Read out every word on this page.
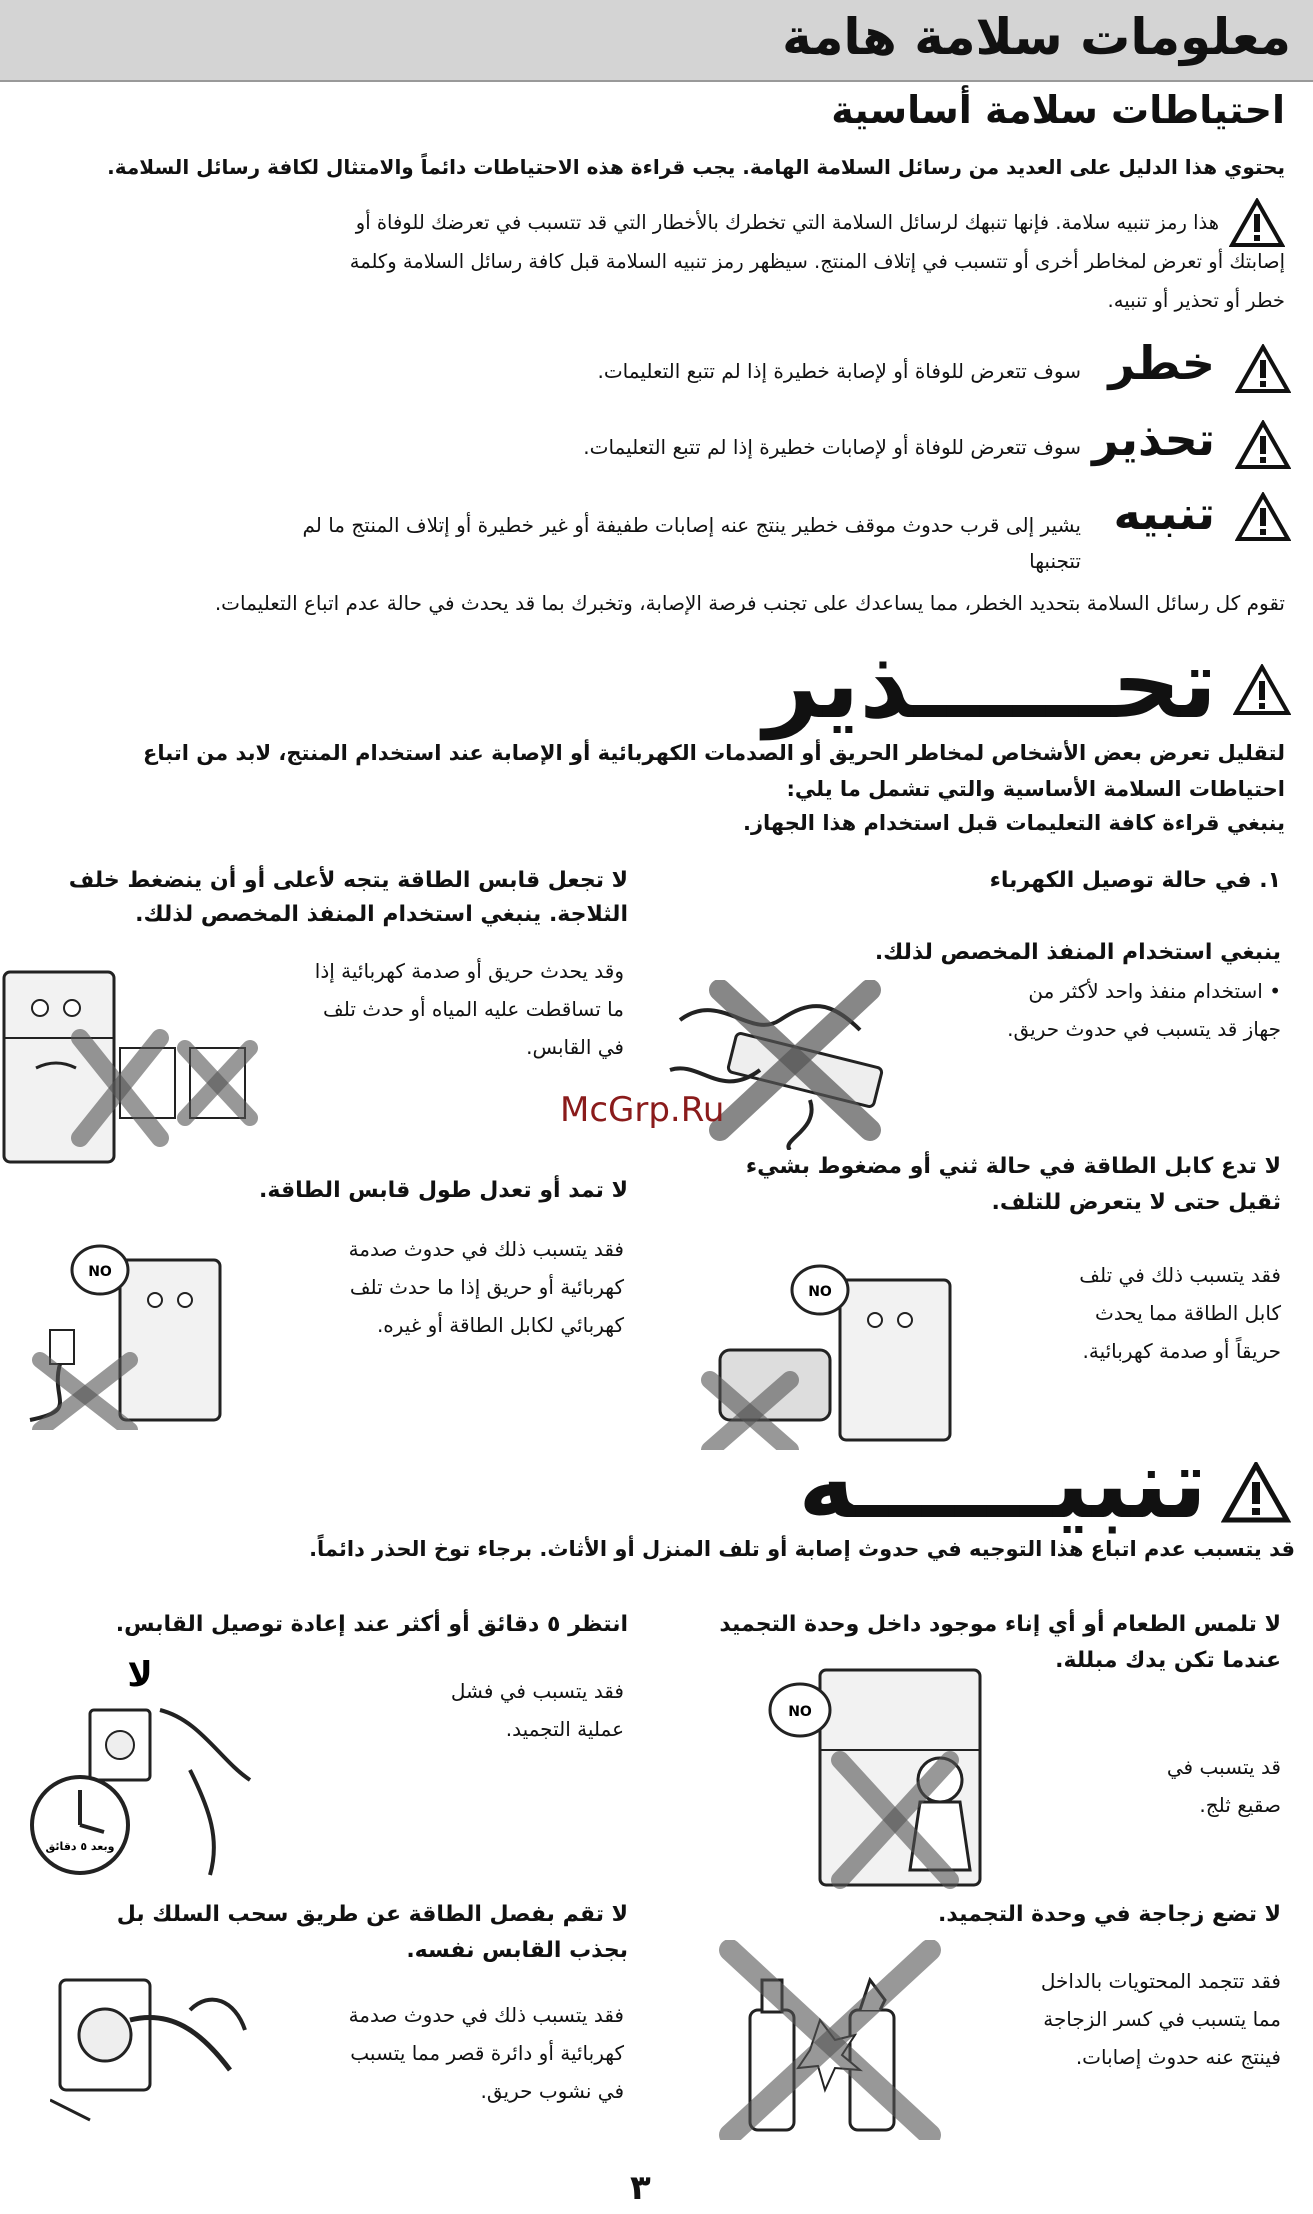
معلومات سلامة هامة
احتياطات سلامة أساسية
يحتوي هذا الدليل على العديد من رسائل السلامة الهامة. يجب قراءة هذه الاحتياطات دائماً والامتثال لكافة رسائل السلامة.
هذا رمز تنبيه سلامة. فإنها تنبهك لرسائل السلامة التي تخطرك بالأخطار التي قد تتسبب في تعرضك للوفاة أو
إصابتك أو تعرض لمخاطر أخرى أو تتسبب في إتلاف المنتج. سيظهر رمز تنبيه السلامة قبل كافة رسائل السلامة وكلمة
خطر أو تحذير أو تنبيه.
خطر
سوف تتعرض للوفاة أو لإصابة خطيرة إذا لم تتبع التعليمات.
تحذير
سوف تتعرض للوفاة أو لإصابات خطيرة إذا لم تتبع التعليمات.
تنبيه
يشير إلى قرب حدوث موقف خطير ينتج عنه إصابات طفيفة أو غير خطيرة أو إتلاف المنتج ما لم
تتجنبها
تقوم كل رسائل السلامة بتحديد الخطر، مما يساعدك على تجنب فرصة الإصابة، وتخبرك بما قد يحدث في حالة عدم اتباع التعليمات.
تحــــــذير
لتقليل تعرض بعض الأشخاص لمخاطر الحريق أو الصدمات الكهربائية أو الإصابة عند استخدام المنتج، لابد من اتباع
احتياطات السلامة الأساسية والتي تشمل ما يلي:
ينبغي قراءة كافة التعليمات قبل استخدام هذا الجهاز.
١. في حالة توصيل الكهرباء
ينبغي استخدام المنفذ المخصص لذلك.
• استخدام منفذ واحد لأكثر من
جهاز قد يتسبب في حدوث حريق.
لا تجعل قابس الطاقة يتجه لأعلى أو أن ينضغط خلف
الثلاجة. ينبغي استخدام المنفذ المخصص لذلك.
وقد يحدث حريق أو صدمة كهربائية إذا
ما تساقطت عليه المياه أو حدث تلف
في القابس.
McGrp.Ru
لا تدع كابل الطاقة في حالة ثني أو مضغوط بشيء
ثقيل حتى لا يتعرض للتلف.
فقد يتسبب ذلك في تلف
كابل الطاقة مما يحدث
حريقاً أو صدمة كهربائية.
NO
لا تمد أو تعدل طول قابس الطاقة.
فقد يتسبب ذلك في حدوث صدمة
كهربائية أو حريق إذا ما حدث تلف
كهربائي لكابل الطاقة أو غيره.
NO
تنبيــــــه
قد يتسبب عدم اتباع هذا التوجيه في حدوث إصابة أو تلف المنزل أو الأثاث. برجاء توخ الحذر دائماً.
لا تلمس الطعام أو أي إناء موجود داخل وحدة التجميد
عندما تكن يدك مبللة.
قد يتسبب في
صقيع ثلج.
NO
انتظر ٥ دقائق أو أكثر عند إعادة توصيل القابس.
فقد يتسبب في فشل
عملية التجميد.
لا
وبعد ٥ دقائق
لا تضع زجاجة في وحدة التجميد.
فقد تتجمد المحتويات بالداخل
مما يتسبب في كسر الزجاجة
فينتج عنه حدوث إصابات.
لا تقم بفصل الطاقة عن طريق سحب السلك بل
بجذب القابس نفسه.
فقد يتسبب ذلك في حدوث صدمة
كهربائية أو دائرة قصر مما يتسبب
في نشوب حريق.
٣
